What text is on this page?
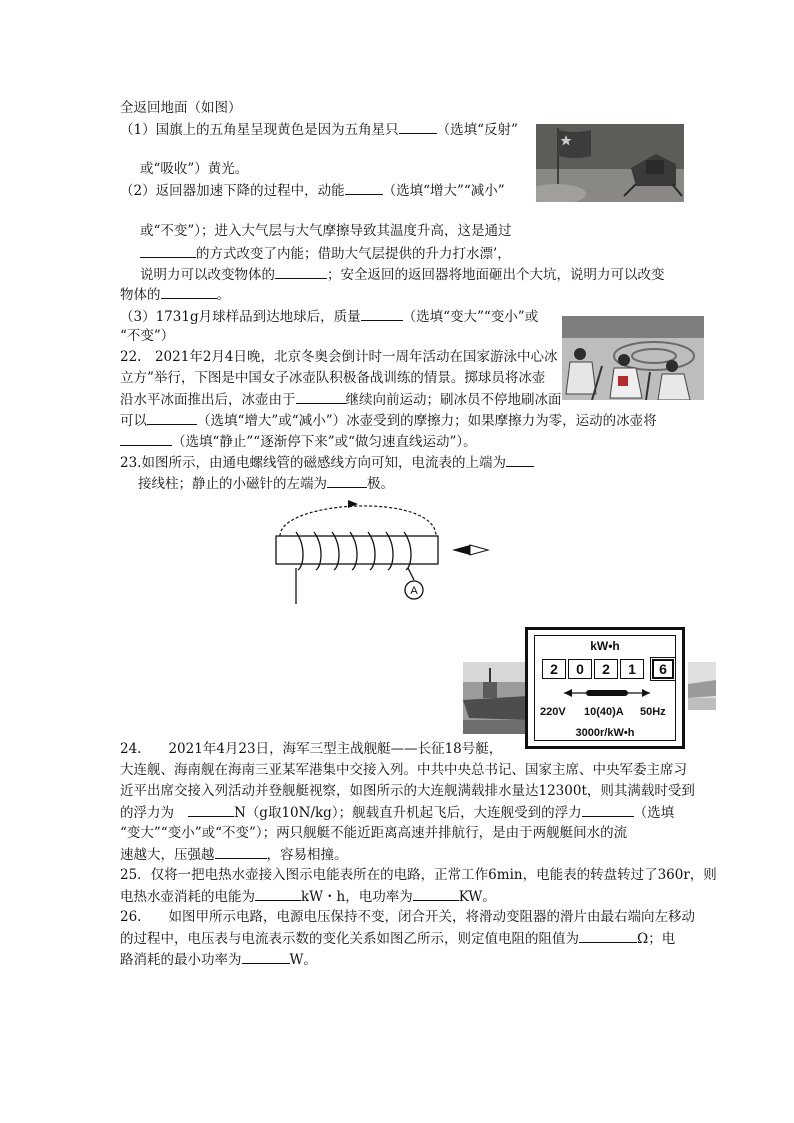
全返回地面（如图）
（1）国旗上的五角星呈现黄色是因为五角星只	（选填“反射”
或“吸收”）黄光。
（2）返回器加速下降的过程中，动能	（选填“增大”“减小”
或“不变”）；进入大气层与大气摩擦导致其温度升高，这是通过
的方式改变了内能；借助大气层提供的升力打水漂’，
说明力可以改变物体的	；安全返回的返回器将地面砸出个大坑，说明力可以改变
物体的	。
（3）1731g月球样品到达地球后，质量	（选填“变大”“变小”或
“不变”）
22.　2021年2月4日晚，北京冬奥会倒计时一周年活动在国家游泳中心冰
立方”举行，下图是中国女子冰壶队积极备战训练的情景。掷球员将冰壶
沿水平冰面推出后，冰壶由于	继续向前运动；刷冰员不停地刷冰面
可以	（选填“增大”或“减小”）冰壶受到的摩擦力；如果摩擦力为零，运动的冰壶将
（选填“静止”“逐渐停下来”或“做匀速直线运动”）。
23.如图所示，由通电螺线管的磁感线方向可知，电流表的上端为
接线柱；静止的小磁针的左端为	极。
A
kW•h
2	0	2	1	6
220V 10(40)A 50Hz
3000r/kW•h
24.　　2021年4月23日，海军三型主战舰艇——长征18号艇，
大连舰、海南舰在海南三亚某军港集中交接入列。中共中央总书记、国家主席、中央军委主席习
近平出席交接入列活动并登舰艇视察，如图所示的大连舰满载排水量达12300t，则其满载时受到
的浮力为	N（g取10N/kg）；舰载直升机起飞后，大连舰受到的浮力	（选填
“变大”“变小”或“不变”）；两只舰艇不能近距离高速并排航行，是由于两舰艇间水的流
速越大，压强越	，容易相撞。
25．仅将一把电热水壶接入图示电能表所在的电路，正常工作6min，电能表的转盘转过了360r，则
电热水壶消耗的电能为	kW・h，电功率为	KW。
26.　　如图甲所示电路，电源电压保持不变，闭合开关，将滑动变阻器的滑片由最右端向左移动
的过程中，电压表与电流表示数的变化关系如图乙所示，则定值电阻的阻值为	Ω；电
路消耗的最小功率为	W。
